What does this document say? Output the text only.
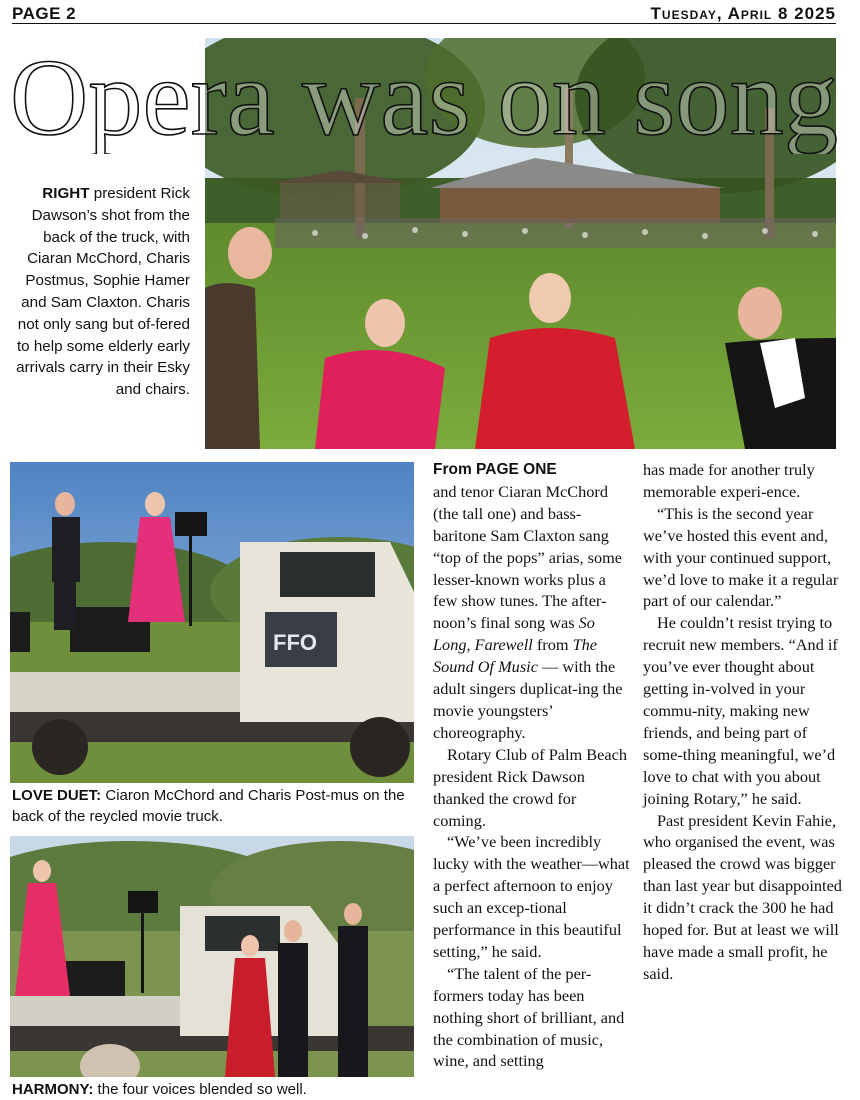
PAGE 2	Tuesday, April 8 2025
Opera was on song
RIGHT president Rick Dawson’s shot from the back of the truck, with Ciaran McChord, Charis Postmus, Sophie Hamer and Sam Claxton. Charis not only sang but of-fered to help some elderly early arrivals carry in their Esky and chairs.
FFO
LOVE DUET: Ciaron McChord and Charis Post-mus on the back of the reycled movie truck.
HARMONY: the four voices blended so well.
From PAGE ONE

and tenor Ciaran McChord (the tall one) and bass-baritone Sam Claxton sang “top of the pops” arias, some lesser-known works plus a few show tunes. The after-noon’s final song was So Long, Farewell from The Sound Of Music — with the adult singers duplicat-ing the movie youngsters’ choreography.

Rotary Club of Palm Beach president Rick Dawson thanked the crowd for coming.

“We’ve been incredibly lucky with the weather—what a perfect afternoon to enjoy such an excep-tional performance in this beautiful setting,” he said.

“The talent of the per-formers today has been nothing short of brilliant, and the combination of music, wine, and setting

has made for another truly memorable experi-ence.

“This is the second year we’ve hosted this event and, with your continued support, we’d love to make it a regular part of our calendar.”

He couldn’t resist trying to recruit new members. “And if you’ve ever thought about getting in-volved in your commu-nity, making new friends, and being part of some-thing meaningful, we’d love to chat with you about joining Rotary,” he said.

Past president Kevin Fahie, who organised the event, was pleased the crowd was bigger than last year but disappointed it didn’t crack the 300 he had hoped for. But at least we will have made a small profit, he said.
